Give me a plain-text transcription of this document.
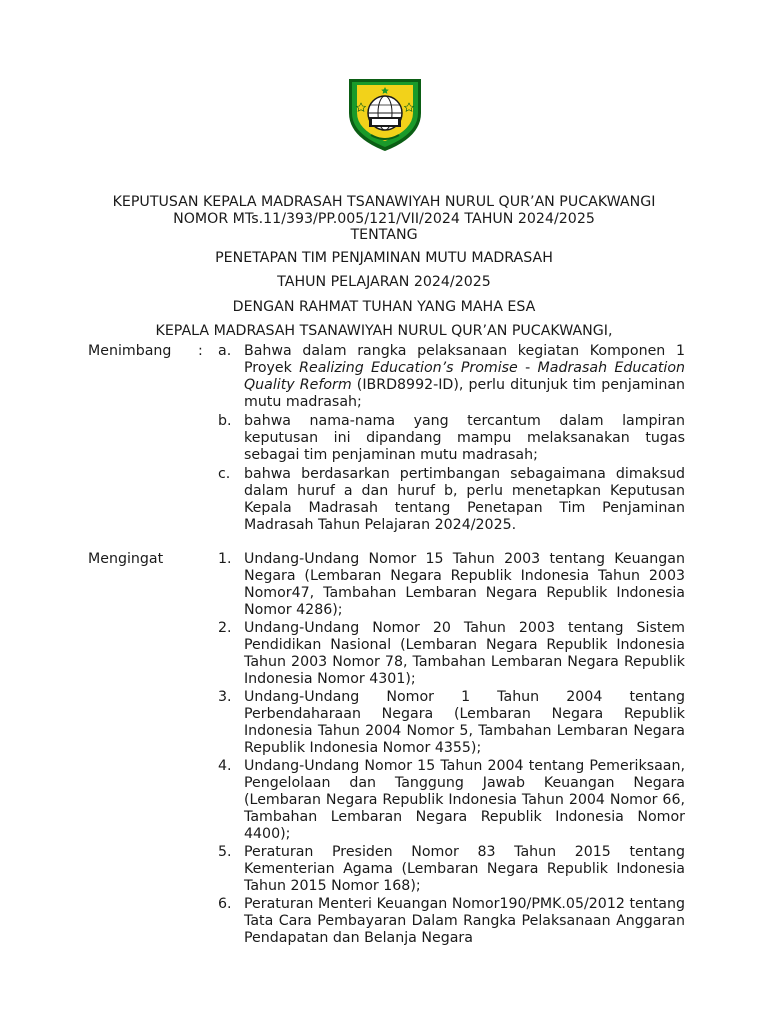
KEPUTUSAN KEPALA MADRASAH TSANAWIYAH NURUL QUR’AN PUCAKWANGI
NOMOR MTs.11/393/PP.005/121/VII/2024 TAHUN 2024/2025
TENTANG
PENETAPAN TIM PENJAMINAN MUTU MADRASAH
TAHUN PELAJARAN 2024/2025
DENGAN RAHMAT TUHAN YANG MAHA ESA
KEPALA MADRASAH TSANAWIYAH NURUL QUR’AN PUCAKWANGI,
Menimbang : a. Bahwa dalam rangka pelaksanaan kegiatan Komponen 1 Proyek Realizing Education’s Promise - Madrasah Education Quality Reform (IBRD8992-ID), perlu ditunjuk tim penjaminan mutu madrasah;
b. bahwa nama-nama yang tercantum dalam lampiran keputusan ini dipandang mampu melaksanakan tugas sebagai tim penjaminan mutu madrasah;
c. bahwa berdasarkan pertimbangan sebagaimana dimaksud dalam huruf a dan huruf b, perlu menetapkan Keputusan Kepala Madrasah tentang Penetapan Tim Penjaminan Madrasah Tahun Pelajaran 2024/2025.
Mengingat	1. Undang-Undang Nomor 15 Tahun 2003 tentang Keuangan Negara (Lembaran Negara Republik Indonesia Tahun 2003 Nomor47, Tambahan Lembaran Negara Republik Indonesia Nomor 4286);
2. Undang-Undang Nomor 20 Tahun 2003 tentang Sistem Pendidikan Nasional (Lembaran Negara Republik Indonesia Tahun 2003 Nomor 78, Tambahan Lembaran Negara Republik Indonesia Nomor 4301);
3. Undang-Undang Nomor 1 Tahun 2004 tentang Perbendaharaan Negara (Lembaran Negara Republik Indonesia Tahun 2004 Nomor 5, Tambahan Lembaran Negara Republik Indonesia Nomor 4355);
4. Undang-Undang Nomor 15 Tahun 2004 tentang Pemeriksaan, Pengelolaan dan Tanggung Jawab Keuangan Negara (Lembaran Negara Republik Indonesia Tahun 2004 Nomor 66, Tambahan Lembaran Negara Republik Indonesia Nomor 4400);
5. Peraturan Presiden Nomor 83 Tahun 2015 tentang Kementerian Agama (Lembaran Negara Republik Indonesia Tahun 2015 Nomor 168);
6. Peraturan Menteri Keuangan Nomor190/PMK.05/2012 tentang Tata Cara Pembayaran Dalam Rangka Pelaksanaan Anggaran Pendapatan dan Belanja Negara
